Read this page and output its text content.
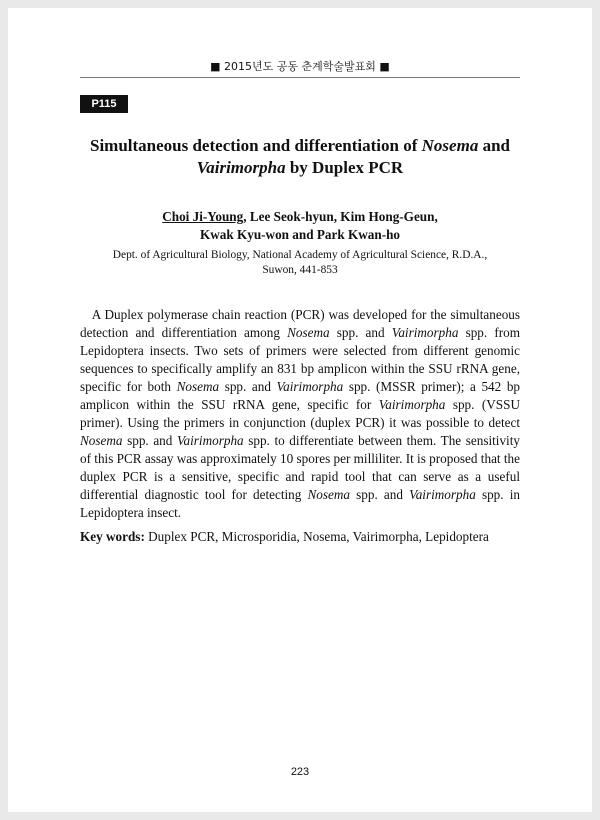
■ 2015년도 공동 춘계학술발표회 ■
P115
Simultaneous detection and differentiation of Nosema and
Vairimorpha by Duplex PCR
Choi Ji-Young, Lee Seok-hyun, Kim Hong-Geun,
Kwak Kyu-won and Park Kwan-ho
Dept. of Agricultural Biology, National Academy of Agricultural Science, R.D.A.,
Suwon, 441-853

A Duplex polymerase chain reaction (PCR) was developed for the simultaneous detection and differentiation among Nosema spp. and Vairimorpha spp. from Lepidoptera insects. Two sets of primers were selected from different genomic sequences to specifically amplify an 831 bp amplicon within the SSU rRNA gene, specific for both Nosema spp. and Vairimorpha spp. (MSSR primer); a 542 bp amplicon within the SSU rRNA gene, specific for Vairimorpha spp. (VSSU primer). Using the primers in conjunction (duplex PCR) it was possible to detect Nosema spp. and Vairimorpha spp. to differentiate between them. The sensitivity of this PCR assay was approximately 10 spores per milliliter. It is proposed that the duplex PCR is a sensitive, specific and rapid tool that can serve as a useful differential diagnostic tool for detecting Nosema spp. and Vairimorpha spp. in Lepidoptera insect.

Key words: Duplex PCR, Microsporidia, Nosema, Vairimorpha, Lepidoptera

223
